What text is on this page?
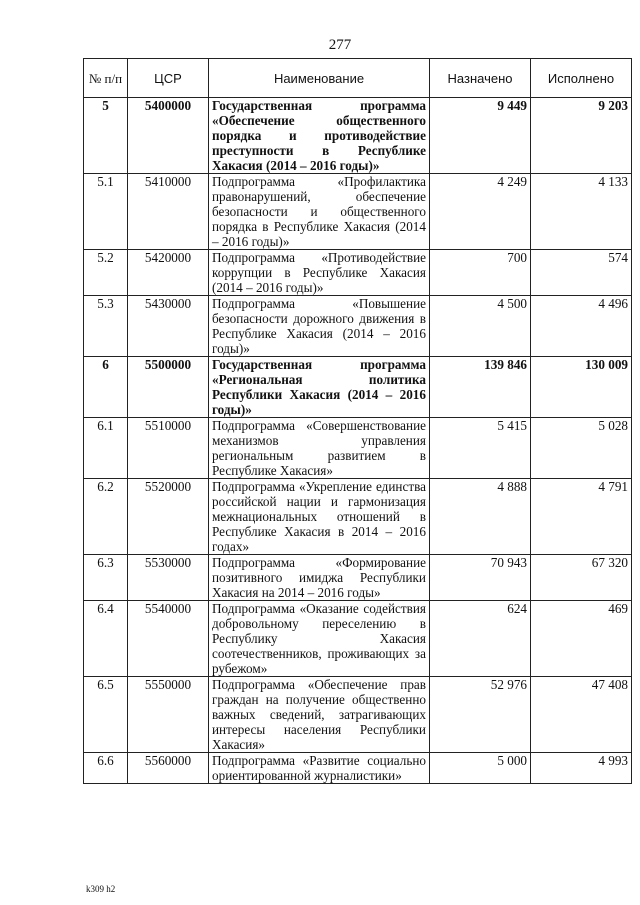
277
№ п/п	ЦСР	Наименование	Назначено	Исполнено
5	5400000	Государственная программа «Обеспечение общественного порядка и противодействие преступности в Республике Хакасия (2014 – 2016 годы)»	9 449	9 203
5.1	5410000	Подпрограмма «Профилактика правонарушений, обеспечение безопасности и общественного порядка в Республике Хакасия (2014 – 2016 годы)»	4 249	4 133
5.2	5420000	Подпрограмма «Противодействие коррупции в Республике Хакасия (2014 – 2016 годы)»	700	574
5.3	5430000	Подпрограмма «Повышение безопасности дорожного движения в Республике Хакасия (2014 – 2016 годы)»	4 500	4 496
6	5500000	Государственная программа «Региональная политика Республики Хакасия (2014 – 2016 годы)»	139 846	130 009
6.1	5510000	Подпрограмма «Совершенствование механизмов управления региональным развитием в Республике Хакасия»	5 415	5 028
6.2	5520000	Подпрограмма «Укрепление единства российской нации и гармонизация межнациональных отношений в Республике Хакасия в 2014 – 2016 годах»	4 888	4 791
6.3	5530000	Подпрограмма «Формирование позитивного имиджа Республики Хакасия на 2014 – 2016 годы»	70 943	67 320
6.4	5540000	Подпрограмма «Оказание содействия добровольному переселению в Республику Хакасия соотечественников, проживающих за рубежом»	624	469
6.5	5550000	Подпрограмма «Обеспечение прав граждан на получение общественно важных сведений, затрагивающих интересы населения Республики Хакасия»	52 976	47 408
6.6	5560000	Подпрограмма «Развитие социально ориентированной журналистики»	5 000	4 993
k309 h2
